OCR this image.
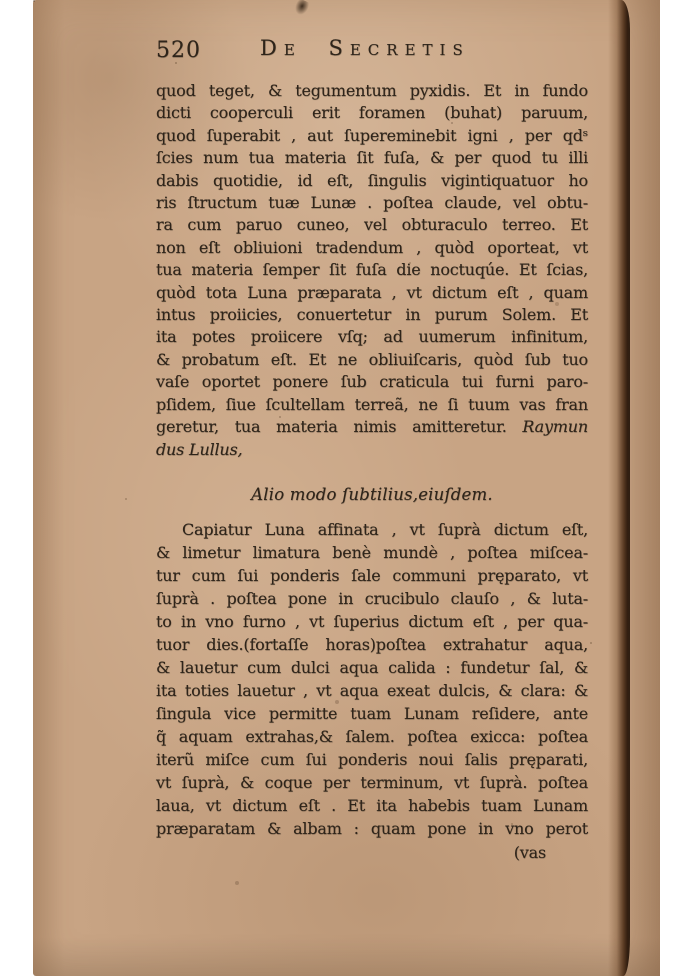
520	De Secretis
quod teget, & tegumentum pyxidis. Et in fundo
dicti cooperculi erit foramen (buhat) paruum,
quod ſuperabit , aut ſupereminebit igni , per qdˢ
ſcies num tua materia ſit fuſa, & per quod tu illi
dabis quotidie, id eſt, ſingulis vigintiquatuor ho
ris ſtructum tuæ Lunæ . poſtea claude, vel obtu-
ra cum paruo cuneo, vel obturaculo terreo. Et
non eſt obliuioni tradendum , quòd oporteat, vt
tua materia ſemper ſit fuſa die noctuqúe. Et ſcias,
quòd tota Luna præparata , vt dictum eſt , quam
intus proiicies, conuertetur in purum Solem. Et
ita potes proiicere vſq; ad uumerum infinitum,
& probatum eſt. Et ne obliuiſcaris, quòd ſub tuo
vaſe oportet ponere ſub craticula tui furni paro-
pſidem, ſiue ſcultellam terreã, ne ſi tuum vas fran
geretur, tua materia nimis amitteretur. Raymun
dus Lullus,
Alio modo ſubtilius,eiuſdem.
Capiatur Luna affinata , vt ſuprà dictum eſt,
& limetur limatura benè mundè , poſtea miſcea-
tur cum ſui ponderis ſale communi pręparato, vt
ſuprà . poſtea pone in crucibulo clauſo , & luta-
to in vno furno , vt ſuperius dictum eſt , per qua-
tuor dies.(fortaſſe horas)poſtea extrahatur aqua,
& lauetur cum dulci aqua calida : fundetur ſal, &
ita toties lauetur , vt aqua exeat dulcis, & clara: &
ſingula vice permitte tuam Lunam reſidere, ante
q̃ aquam extrahas,& ſalem. poſtea exicca: poſtea
iterũ miſce cum ſui ponderis noui ſalis pręparati,
vt ſuprà, & coque per terminum, vt ſuprà. poſtea
laua, vt dictum eſt . Et ita habebis tuam Lunam
præparatam & albam : quam pone in vno perot
(vas
